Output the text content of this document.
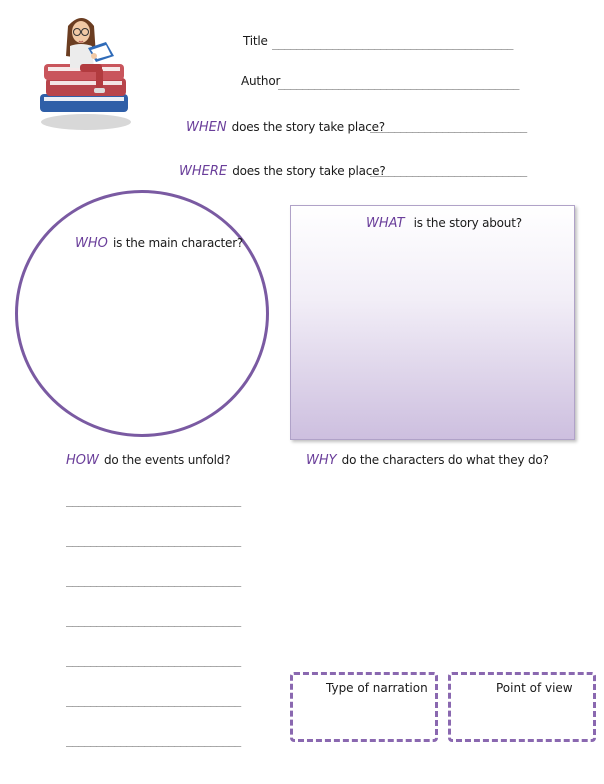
Title ________________________________________
Author
________________________________________
WHEN does the story take place?
__________________________
WHERE does the story take place?
__________________________
WHO is the main character?
WHAT is the story about?
HOW do the events unfold?
_____________________________
_____________________________
_____________________________
_____________________________
_____________________________
_____________________________
_____________________________
WHY do the characters do what they do?
Type of narration	Point of view
